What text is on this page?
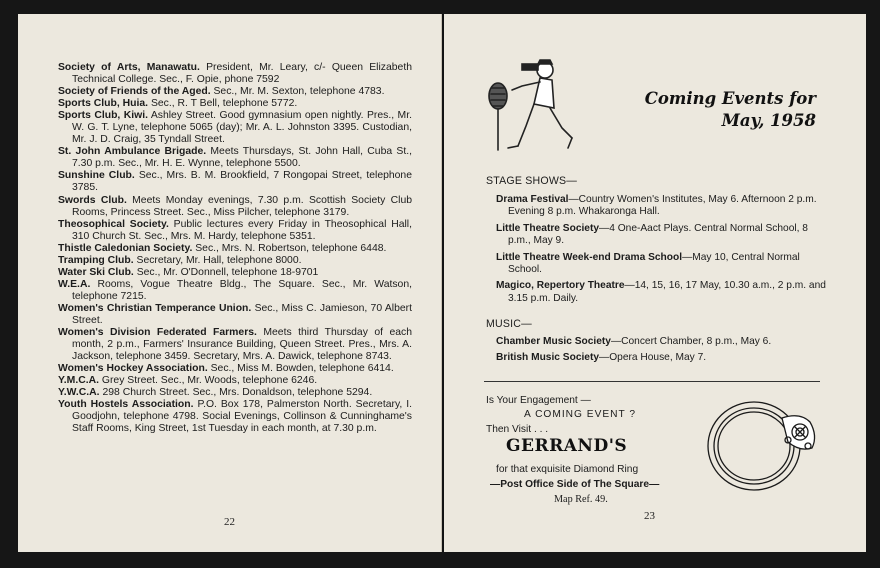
Society of Arts, Manawatu. President, Mr. Leary, c/- Queen Elizabeth Technical College. Sec., F. Opie, phone 7592
Society of Friends of the Aged. Sec., Mr. M. Sexton, telephone 4783.
Sports Club, Huia. Sec., R. T Bell, telephone 5772.
Sports Club, Kiwi. Ashley Street. Good gymnasium open nightly. Pres., Mr. W. G. T. Lyne, telephone 5065 (day); Mr. A. L. Johnston 3395. Custodian, Mr. J. D. Craig, 35 Tyndall Street.
St. John Ambulance Brigade. Meets Thursdays, St. John Hall, Cuba St., 7.30 p.m. Sec., Mr. H. E. Wynne, telephone 5500.
Sunshine Club. Sec., Mrs. B. M. Brookfield, 7 Rongopai Street, telephone 3785.
Swords Club. Meets Monday evenings, 7.30 p.m. Scottish Society Club Rooms, Princess Street. Sec., Miss Pilcher, telephone 3179.
Theosophical Society. Public lectures every Friday in Theosophical Hall, 310 Church St. Sec., Mrs. M. Hardy, telephone 5351.
Thistle Caledonian Society. Sec., Mrs. N. Robertson, telephone 6448.
Tramping Club. Secretary, Mr. Hall, telephone 8000.
Water Ski Club. Sec., Mr. O'Donnell, telephone 18-9701
W.E.A. Rooms, Vogue Theatre Bldg., The Square. Sec., Mr. Watson, telephone 7215.
Women's Christian Temperance Union. Sec., Miss C. Jamieson, 70 Albert Street.
Women's Division Federated Farmers. Meets third Thursday of each month, 2 p.m., Farmers' Insurance Building, Queen Street. Pres., Mrs. A. Jackson, telephone 3459. Secretary, Mrs. A. Dawick, telephone 8743.
Women's Hockey Association. Sec., Miss M. Bowden, telephone 6414.
Y.M.C.A. Grey Street. Sec., Mr. Woods, telephone 6246.
Y.W.C.A. 298 Church Street. Sec., Mrs. Donaldson, telephone 5294.
Youth Hostels Association. P.O. Box 178, Palmerston North. Secretary, I. Goodjohn, telephone 4798. Social Evenings, Collinson & Cunninghame's Staff Rooms, King Street, 1st Tuesday in each month, at 7.30 p.m.
22
Coming Events for
May, 1958
STAGE SHOWS—
Drama Festival—Country Women's Institutes, May 6. Afternoon 2 p.m. Evening 8 p.m. Whakaronga Hall.
Little Theatre Society—4 One-Aact Plays. Central Normal School, 8 p.m., May 9.
Little Theatre Week-end Drama School—May 10, Central Normal School.
Magico, Repertory Theatre—14, 15, 16, 17 May, 10.30 a.m., 2 p.m. and 3.15 p.m. Daily.
MUSIC—
Chamber Music Society—Concert Chamber, 8 p.m., May 6.
British Music Society—Opera House, May 7.
Is Your Engagement —
A COMING EVENT ?
Then Visit . . .
GERRAND'S
for that exquisite Diamond Ring
—Post Office Side of The Square—
Map Ref. 49.
23
